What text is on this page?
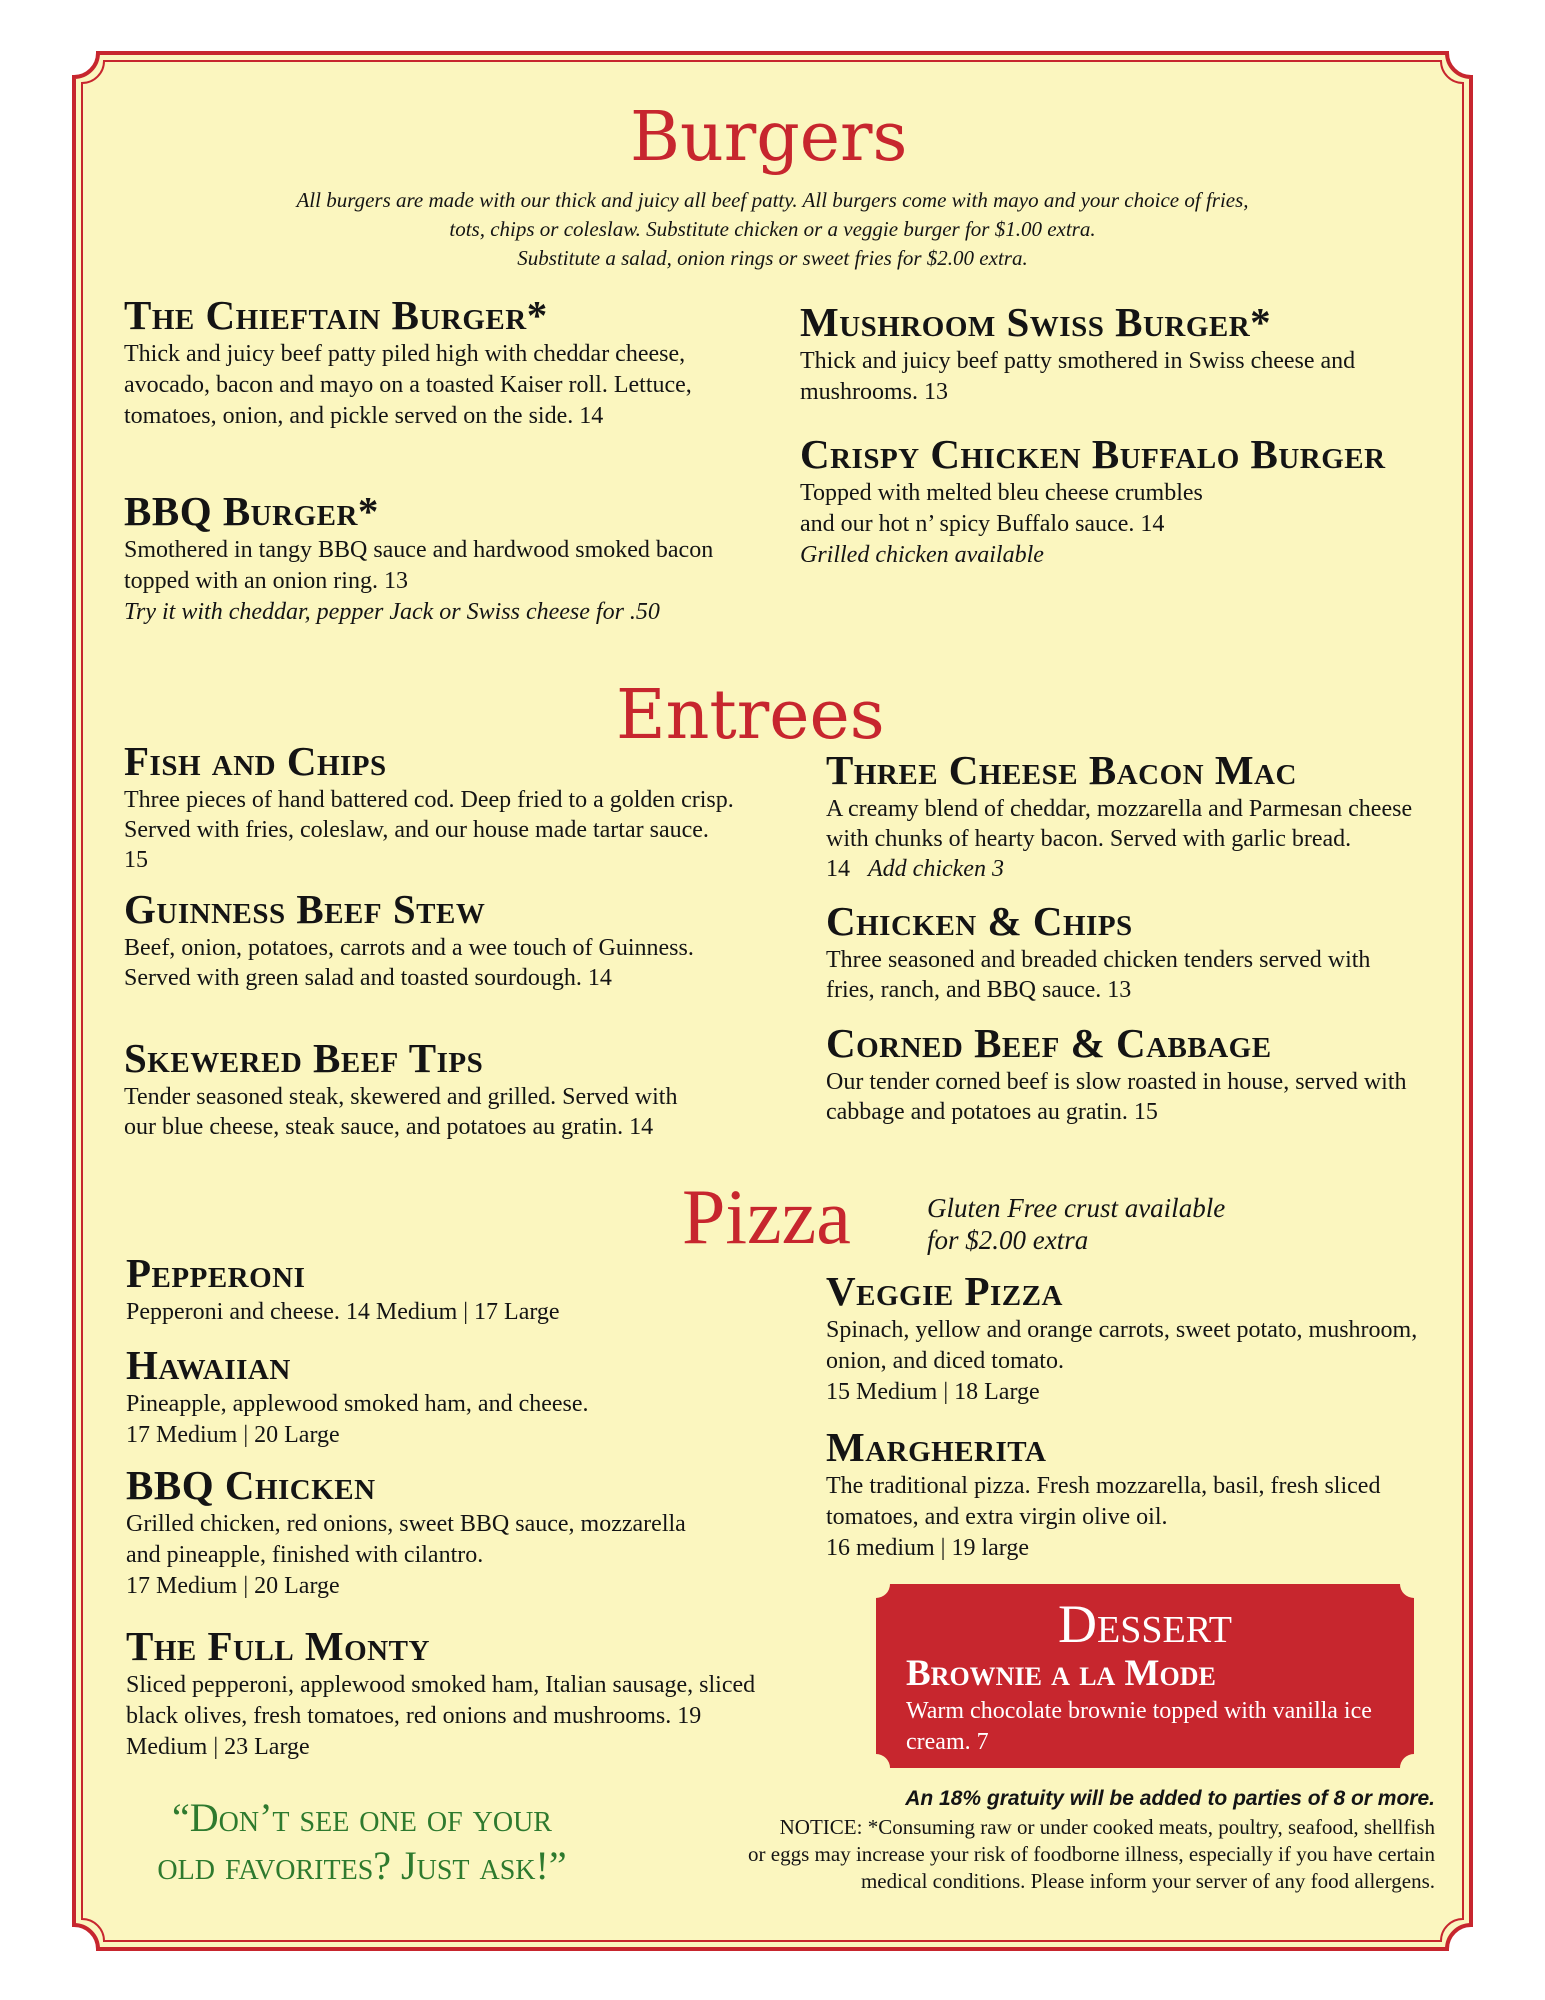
Burgers
All burgers are made with our thick and juicy all beef patty. All burgers come with mayo and your choice of fries,
tots, chips or coleslaw. Substitute chicken or a veggie burger for $1.00 extra.
Substitute a salad, onion rings or sweet fries for $2.00 extra.
The Chieftain Burger*

Thick and juicy beef patty piled high with cheddar cheese, avocado, bacon and mayo on a toasted Kaiser roll. Lettuce, tomatoes, onion, and pickle served on the side. 14

BBQ Burger*

Smothered in tangy BBQ sauce and hardwood smoked bacon topped with an onion ring. 13

Try it with cheddar, pepper Jack or Swiss cheese for .50

Mushroom Swiss Burger*

Thick and juicy beef patty smothered in Swiss cheese and mushrooms. 13

Crispy Chicken Buffalo Burger

Topped with melted bleu cheese crumbles
and our hot n’ spicy Buffalo sauce. 14

Grilled chicken available

Entrees
Fish and Chips

Three pieces of hand battered cod. Deep fried to a golden crisp. Served with fries, coleslaw, and our house made tartar sauce. 15

Guinness Beef Stew

Beef, onion, potatoes, carrots and a wee touch of Guinness. Served with green salad and toasted sourdough. 14

Skewered Beef Tips

Tender seasoned steak, skewered and grilled. Served with our blue cheese, steak sauce, and potatoes au gratin. 14

Three Cheese Bacon Mac

A creamy blend of cheddar, mozzarella and Parmesan cheese with chunks of hearty bacon. Served with garlic bread. 14 Add chicken 3

Chicken & Chips

Three seasoned and breaded chicken tenders served with fries, ranch, and BBQ sauce. 13

Corned Beef & Cabbage

Our tender corned beef is slow roasted in house, served with cabbage and potatoes au gratin. 15

Pizza	Gluten Free crust available
for $2.00 extra
Pepperoni

Pepperoni and cheese. 14 Medium | 17 Large

Hawaiian

Pineapple, applewood smoked ham, and cheese.
17 Medium | 20 Large

BBQ Chicken

Grilled chicken, red onions, sweet BBQ sauce, mozzarella and pineapple, finished with cilantro.
17 Medium | 20 Large

The Full Monty

Sliced pepperoni, applewood smoked ham, Italian sausage, sliced black olives, fresh tomatoes, red onions and mushrooms. 19 Medium | 23 Large

Veggie Pizza

Spinach, yellow and orange carrots, sweet potato, mushroom, onion, and diced tomato.
15 Medium | 18 Large

Margherita

The traditional pizza. Fresh mozzarella, basil, fresh sliced tomatoes, and extra virgin olive oil.
16 medium | 19 large

Dessert
Brownie a la Mode

Warm chocolate brownie topped with vanilla ice cream. 7

“Don’t see one of your
old favorites? Just ask!”
An 18% gratuity will be added to parties of 8 or more.
NOTICE: *Consuming raw or under cooked meats, poultry, seafood, shellfish
or eggs may increase your risk of foodborne illness, especially if you have certain
medical conditions. Please inform your server of any food allergens.
